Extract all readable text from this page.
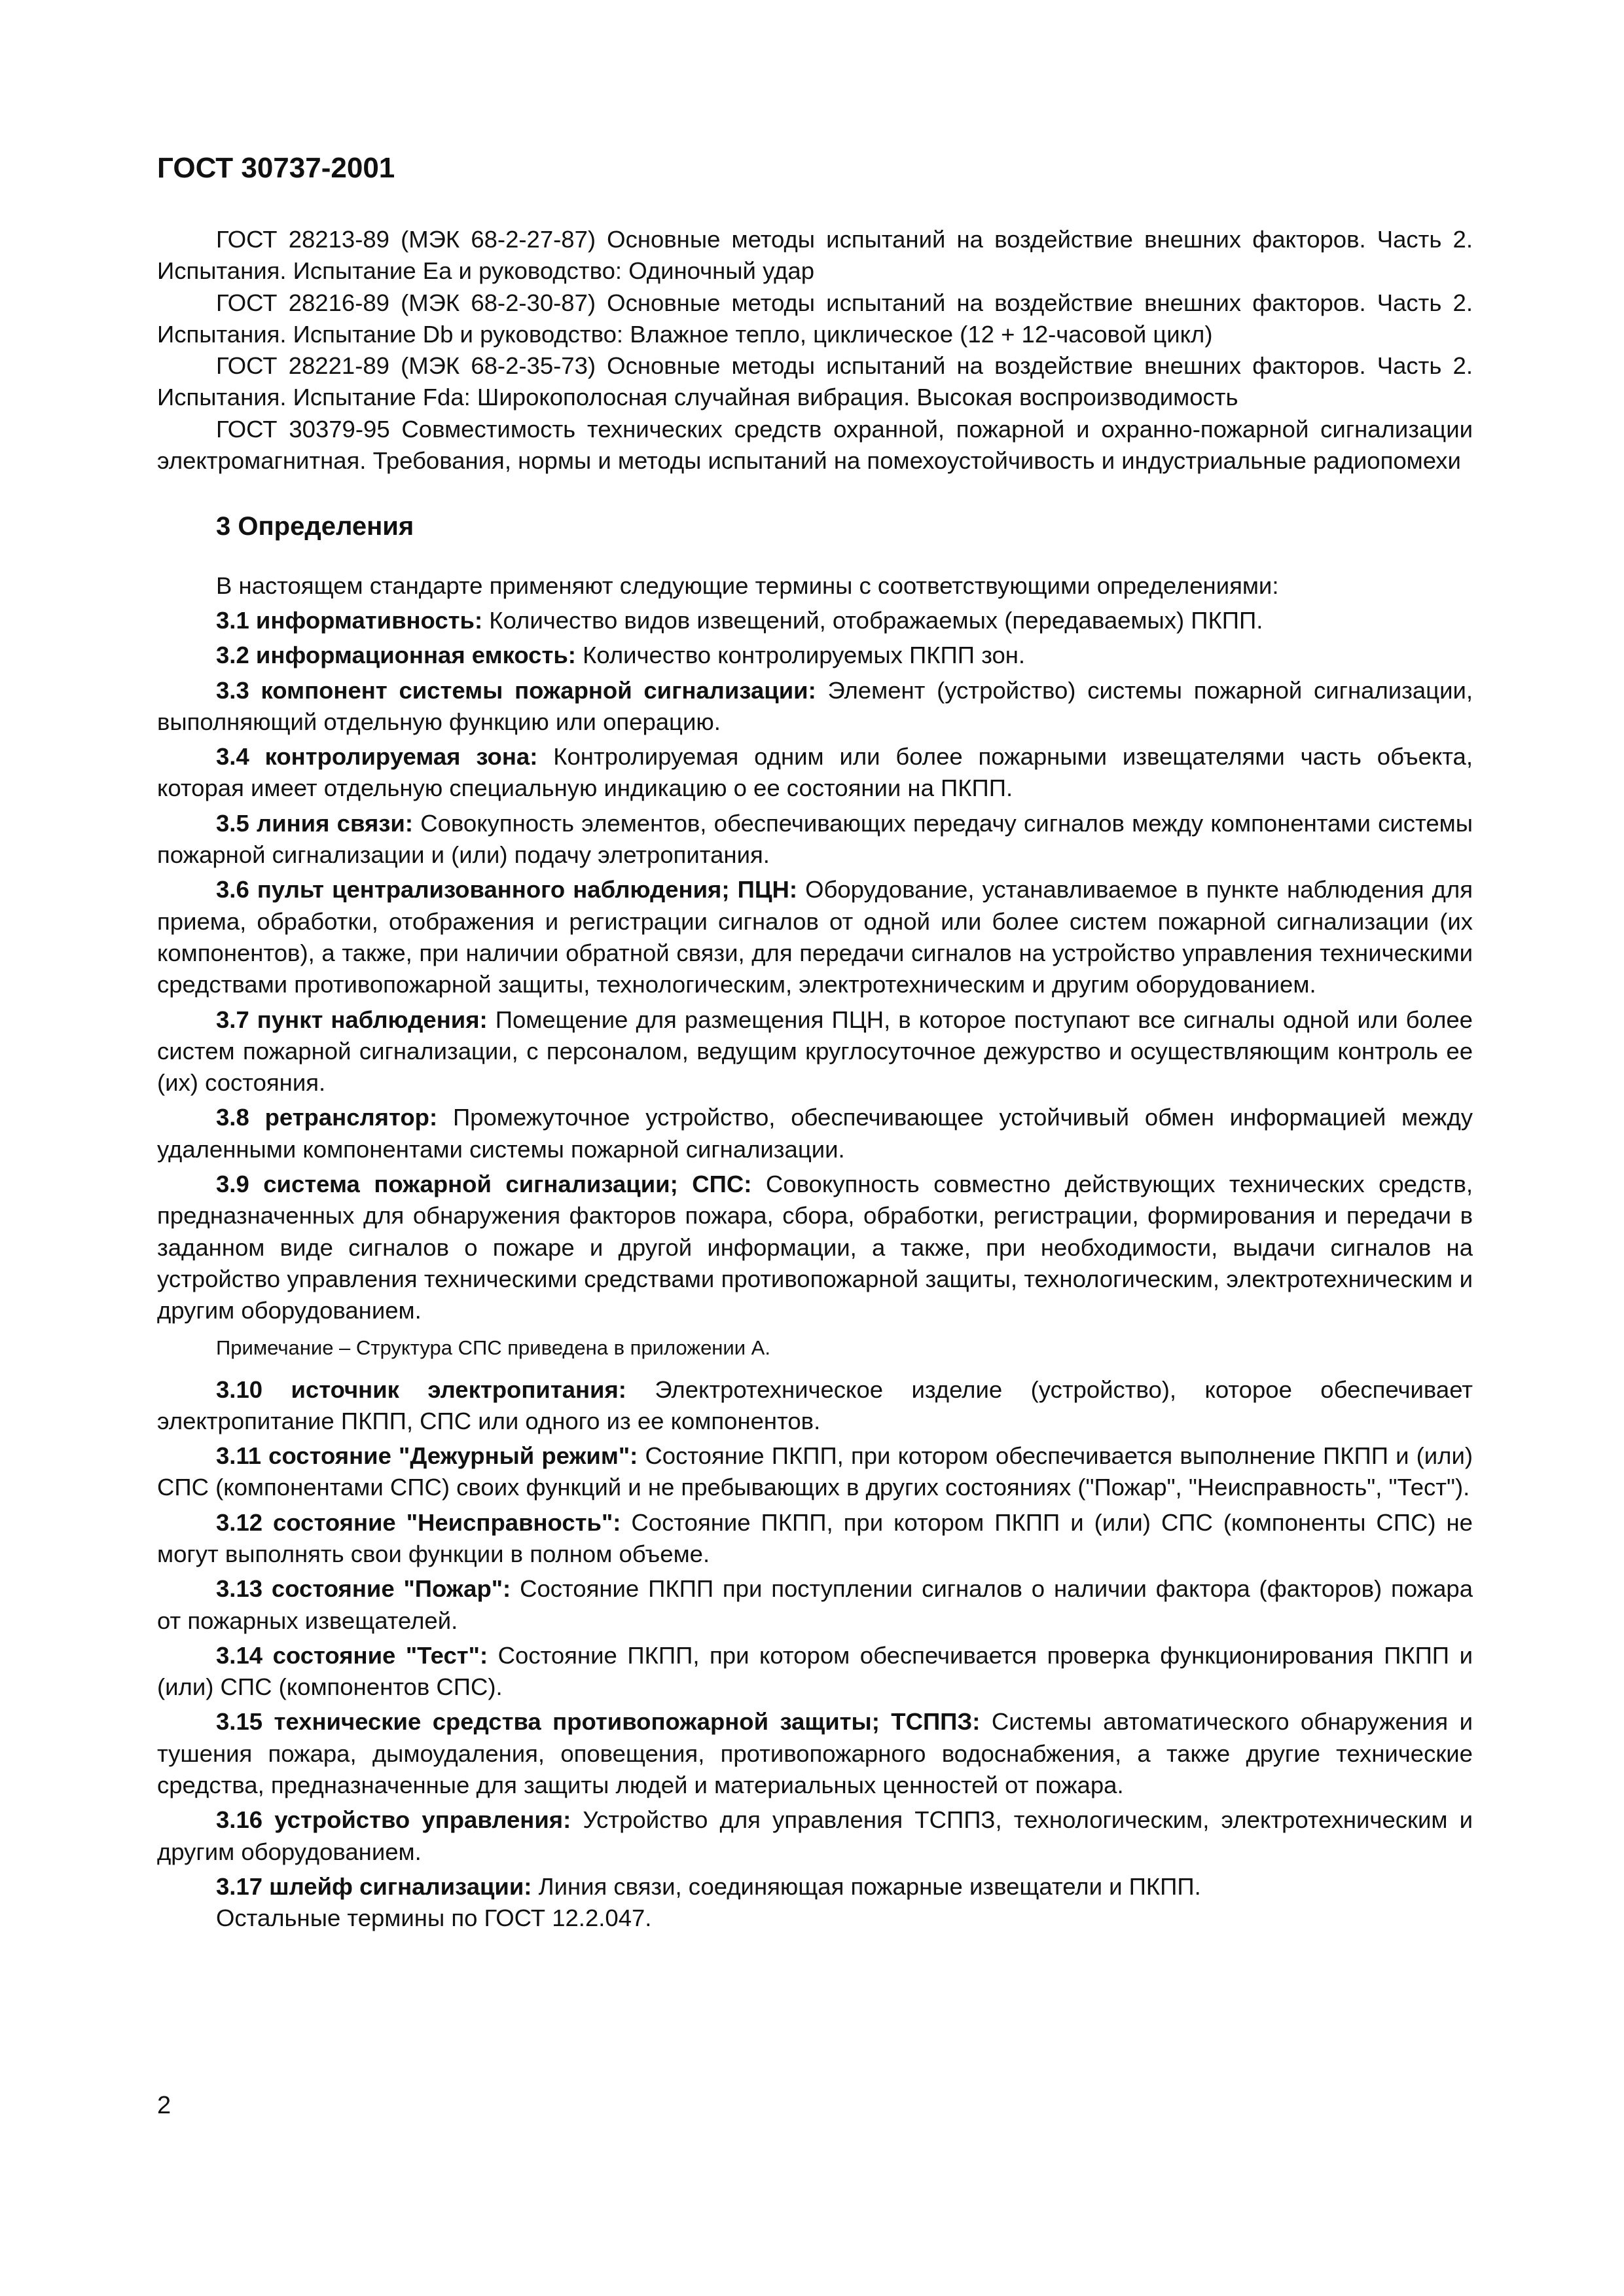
ГОСТ 30737-2001

ГОСТ 28213-89 (МЭК 68-2-27-87) Основные методы испытаний на воздействие внешних факторов. Часть 2. Испытания. Испытание Ea и руководство: Одиночный удар

ГОСТ 28216-89 (МЭК 68-2-30-87) Основные методы испытаний на воздействие внешних факторов. Часть 2. Испытания. Испытание Db и руководство: Влажное тепло, циклическое (12 + 12-часовой цикл)

ГОСТ 28221-89 (МЭК 68-2-35-73) Основные методы испытаний на воздействие внешних факторов. Часть 2. Испытания. Испытание Fda: Широкополосная случайная вибрация. Высокая воспроизводимость

ГОСТ 30379-95 Совместимость технических средств охранной, пожарной и охранно-пожарной сигнализации электромагнитная. Требования, нормы и методы испытаний на помехоустойчивость и индустриальные радиопомехи

3 Определения

В настоящем стандарте применяют следующие термины с соответствующими определениями:

3.1 информативность: Количество видов извещений, отображаемых (передаваемых) ПКПП.

3.2 информационная емкость: Количество контролируемых ПКПП зон.

3.3 компонент системы пожарной сигнализации: Элемент (устройство) системы пожарной сигнализации, выполняющий отдельную функцию или операцию.

3.4 контролируемая зона: Контролируемая одним или более пожарными извещателями часть объекта, которая имеет отдельную специальную индикацию о ее состоянии на ПКПП.

3.5 линия связи: Совокупность элементов, обеспечивающих передачу сигналов между компонентами системы пожарной сигнализации и (или) подачу элетропитания.

3.6 пульт централизованного наблюдения; ПЦН: Оборудование, устанавливаемое в пункте наблюдения для приема, обработки, отображения и регистрации сигналов от одной или более систем пожарной сигнализации (их компонентов), а также, при наличии обратной связи, для передачи сигналов на устройство управления техническими средствами противопожарной защиты, технологическим, электротехническим и другим оборудованием.

3.7 пункт наблюдения: Помещение для размещения ПЦН, в которое поступают все сигналы одной или более систем пожарной сигнализации, с персоналом, ведущим круглосуточное дежурство и осуществляющим контроль ее (их) состояния.

3.8 ретранслятор: Промежуточное устройство, обеспечивающее устойчивый обмен информацией между удаленными компонентами системы пожарной сигнализации.

3.9 система пожарной сигнализации; СПС: Совокупность совместно действующих технических средств, предназначенных для обнаружения факторов пожара, сбора, обработки, регистрации, формирования и передачи в заданном виде сигналов о пожаре и другой информации, а также, при необходимости, выдачи сигналов на устройство управления техническими средствами противопожарной защиты, технологическим, электротехническим и другим оборудованием.

Примечание – Структура СПС приведена в приложении А.

3.10 источник электропитания: Электротехническое изделие (устройство), которое обеспечивает электропитание ПКПП, СПС или одного из ее компонентов.

3.11 состояние "Дежурный режим": Состояние ПКПП, при котором обеспечивается выполнение ПКПП и (или) СПС (компонентами СПС) своих функций и не пребывающих в других состояниях ("Пожар", "Неисправность", "Тест").

3.12 состояние "Неисправность": Состояние ПКПП, при котором ПКПП и (или) СПС (компоненты СПС) не могут выполнять свои функции в полном объеме.

3.13 состояние "Пожар": Состояние ПКПП при поступлении сигналов о наличии фактора (факторов) пожара от пожарных извещателей.

3.14 состояние "Тест": Состояние ПКПП, при котором обеспечивается проверка функционирования ПКПП и (или) СПС (компонентов СПС).

3.15 технические средства противопожарной защиты; ТСППЗ: Системы автоматического обнаружения и тушения пожара, дымоудаления, оповещения, противопожарного водоснабжения, а также другие технические средства, предназначенные для защиты людей и материальных ценностей от пожара.

3.16 устройство управления: Устройство для управления ТСППЗ, технологическим, электротехническим и другим оборудованием.

3.17 шлейф сигнализации: Линия связи, соединяющая пожарные извещатели и ПКПП.

Остальные термины по ГОСТ 12.2.047.

2
